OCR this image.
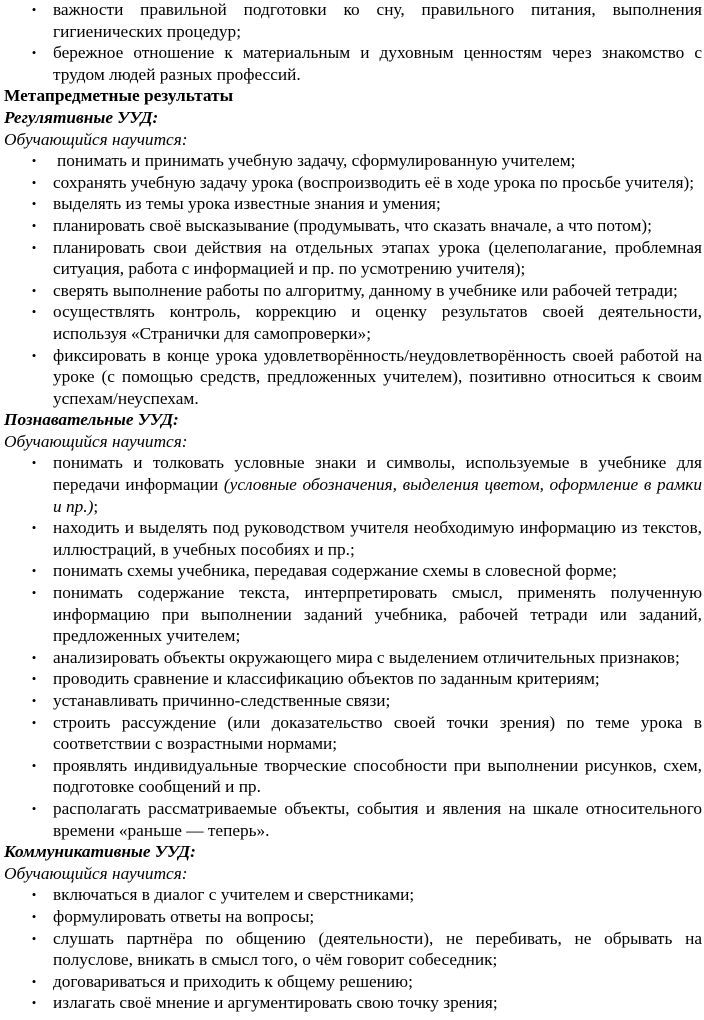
• важности правильной подготовки ко сну, правильного питания, выполнения гигиенических процедур;
• бережное отношение к материальным и духовным ценностям через знакомство с трудом людей разных профессий.

Метапредметные результаты

Регулятивные УУД:

Обучающийся научится:

• понимать и принимать учебную задачу, сформулированную учителем;
• сохранять учебную задачу урока (воспроизводить её в ходе урока по просьбе учителя);
• выделять из темы урока известные знания и умения;
• планировать своё высказывание (продумывать, что сказать вначале, а что потом);
• планировать свои действия на отдельных этапах урока (целеполагание, проблемная ситуация, работа с информацией и пр. по усмотрению учителя);
• сверять выполнение работы по алгоритму, данному в учебнике или рабочей тетради;
• осуществлять контроль, коррекцию и оценку результатов своей деятельности, используя «Странички для самопроверки»;
• фиксировать в конце урока удовлетворённость/неудовлетворённость своей работой на уроке (с помощью средств, предложенных учителем), позитивно относиться к своим успехам/неуспехам.

Познавательные УУД:

Обучающийся научится:

• понимать и толковать условные знаки и символы, используемые в учебнике для передачи информации (условные обозначения, выделения цветом, оформление в рамки и пр.);
• находить и выделять под руководством учителя необходимую информацию из текстов, иллюстраций, в учебных пособиях и пр.;
• понимать схемы учебника, передавая содержание схемы в словесной форме;
• понимать содержание текста, интерпретировать смысл, применять полученную информацию при выполнении заданий учебника, рабочей тетради или заданий, предложенных учителем;
• анализировать объекты окружающего мира с выделением отличительных признаков;
• проводить сравнение и классификацию объектов по заданным критериям;
• устанавливать причинно-следственные связи;
• строить рассуждение (или доказательство своей точки зрения) по теме урока в соответствии с возрастными нормами;
• проявлять индивидуальные творческие способности при выполнении рисунков, схем, подготовке сообщений и пр.
• располагать рассматриваемые объекты, события и явления на шкале относительного времени «раньше — теперь».

Коммуникативные УУД:

Обучающийся научится:

• включаться в диалог с учителем и сверстниками;
• формулировать ответы на вопросы;
• слушать партнёра по общению (деятельности), не перебивать, не обрывать на полуслове, вникать в смысл того, о чём говорит собеседник;
• договариваться и приходить к общему решению;
• излагать своё мнение и аргументировать свою точку зрения;
